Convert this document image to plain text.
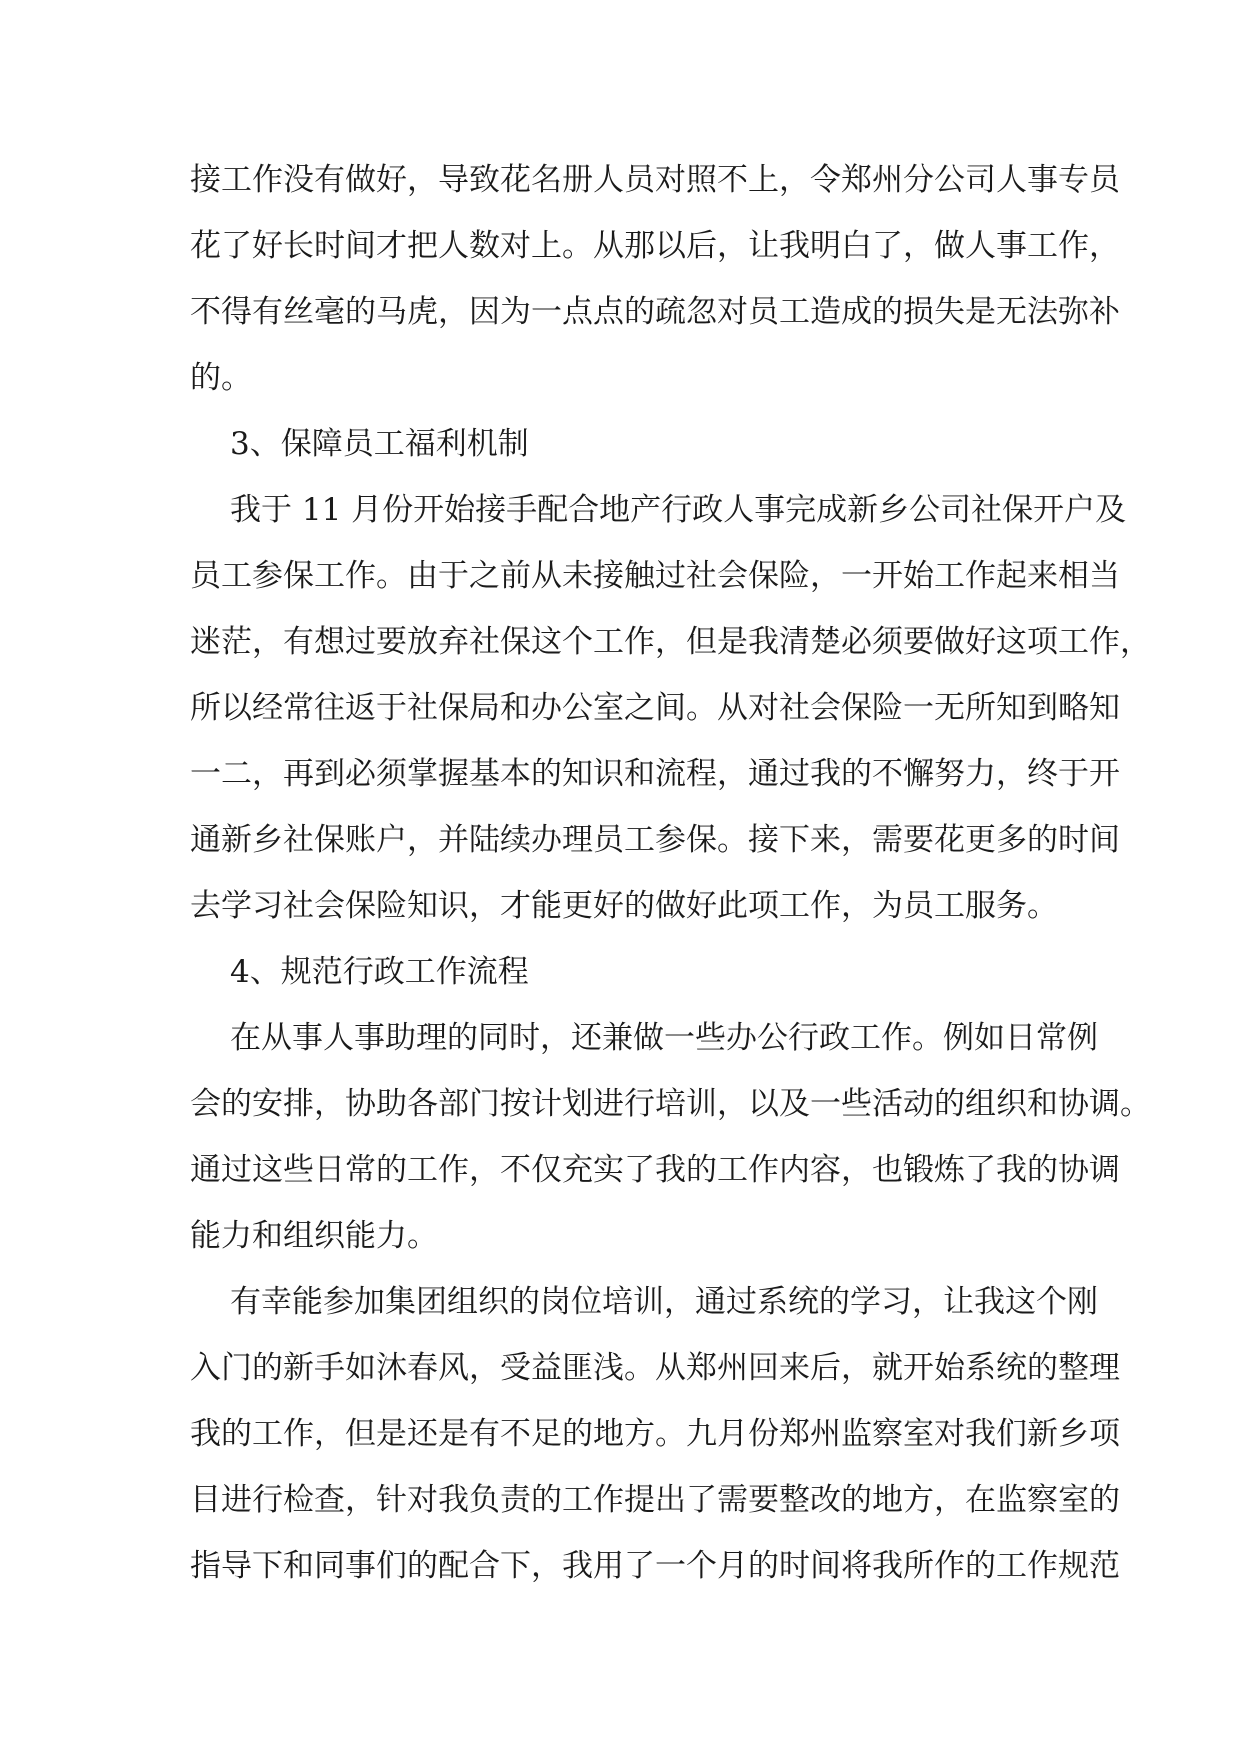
接工作没有做好，导致花名册人员对照不上，令郑州分公司人事专员
花了好长时间才把人数对上。从那以后，让我明白了，做人事工作，
不得有丝毫的马虎，因为一点点的疏忽对员工造成的损失是无法弥补
的。
3、保障员工福利机制
我于 11 月份开始接手配合地产行政人事完成新乡公司社保开户及
员工参保工作。由于之前从未接触过社会保险，一开始工作起来相当
迷茫，有想过要放弃社保这个工作，但是我清楚必须要做好这项工作，
所以经常往返于社保局和办公室之间。从对社会保险一无所知到略知
一二，再到必须掌握基本的知识和流程，通过我的不懈努力，终于开
通新乡社保账户，并陆续办理员工参保。接下来，需要花更多的时间
去学习社会保险知识，才能更好的做好此项工作，为员工服务。
4、规范行政工作流程
在从事人事助理的同时，还兼做一些办公行政工作。例如日常例
会的安排，协助各部门按计划进行培训，以及一些活动的组织和协调。
通过这些日常的工作，不仅充实了我的工作内容，也锻炼了我的协调
能力和组织能力。
有幸能参加集团组织的岗位培训，通过系统的学习，让我这个刚
入门的新手如沐春风，受益匪浅。从郑州回来后，就开始系统的整理
我的工作，但是还是有不足的地方。九月份郑州监察室对我们新乡项
目进行检查，针对我负责的工作提出了需要整改的地方，在监察室的
指导下和同事们的配合下，我用了一个月的时间将我所作的工作规范
